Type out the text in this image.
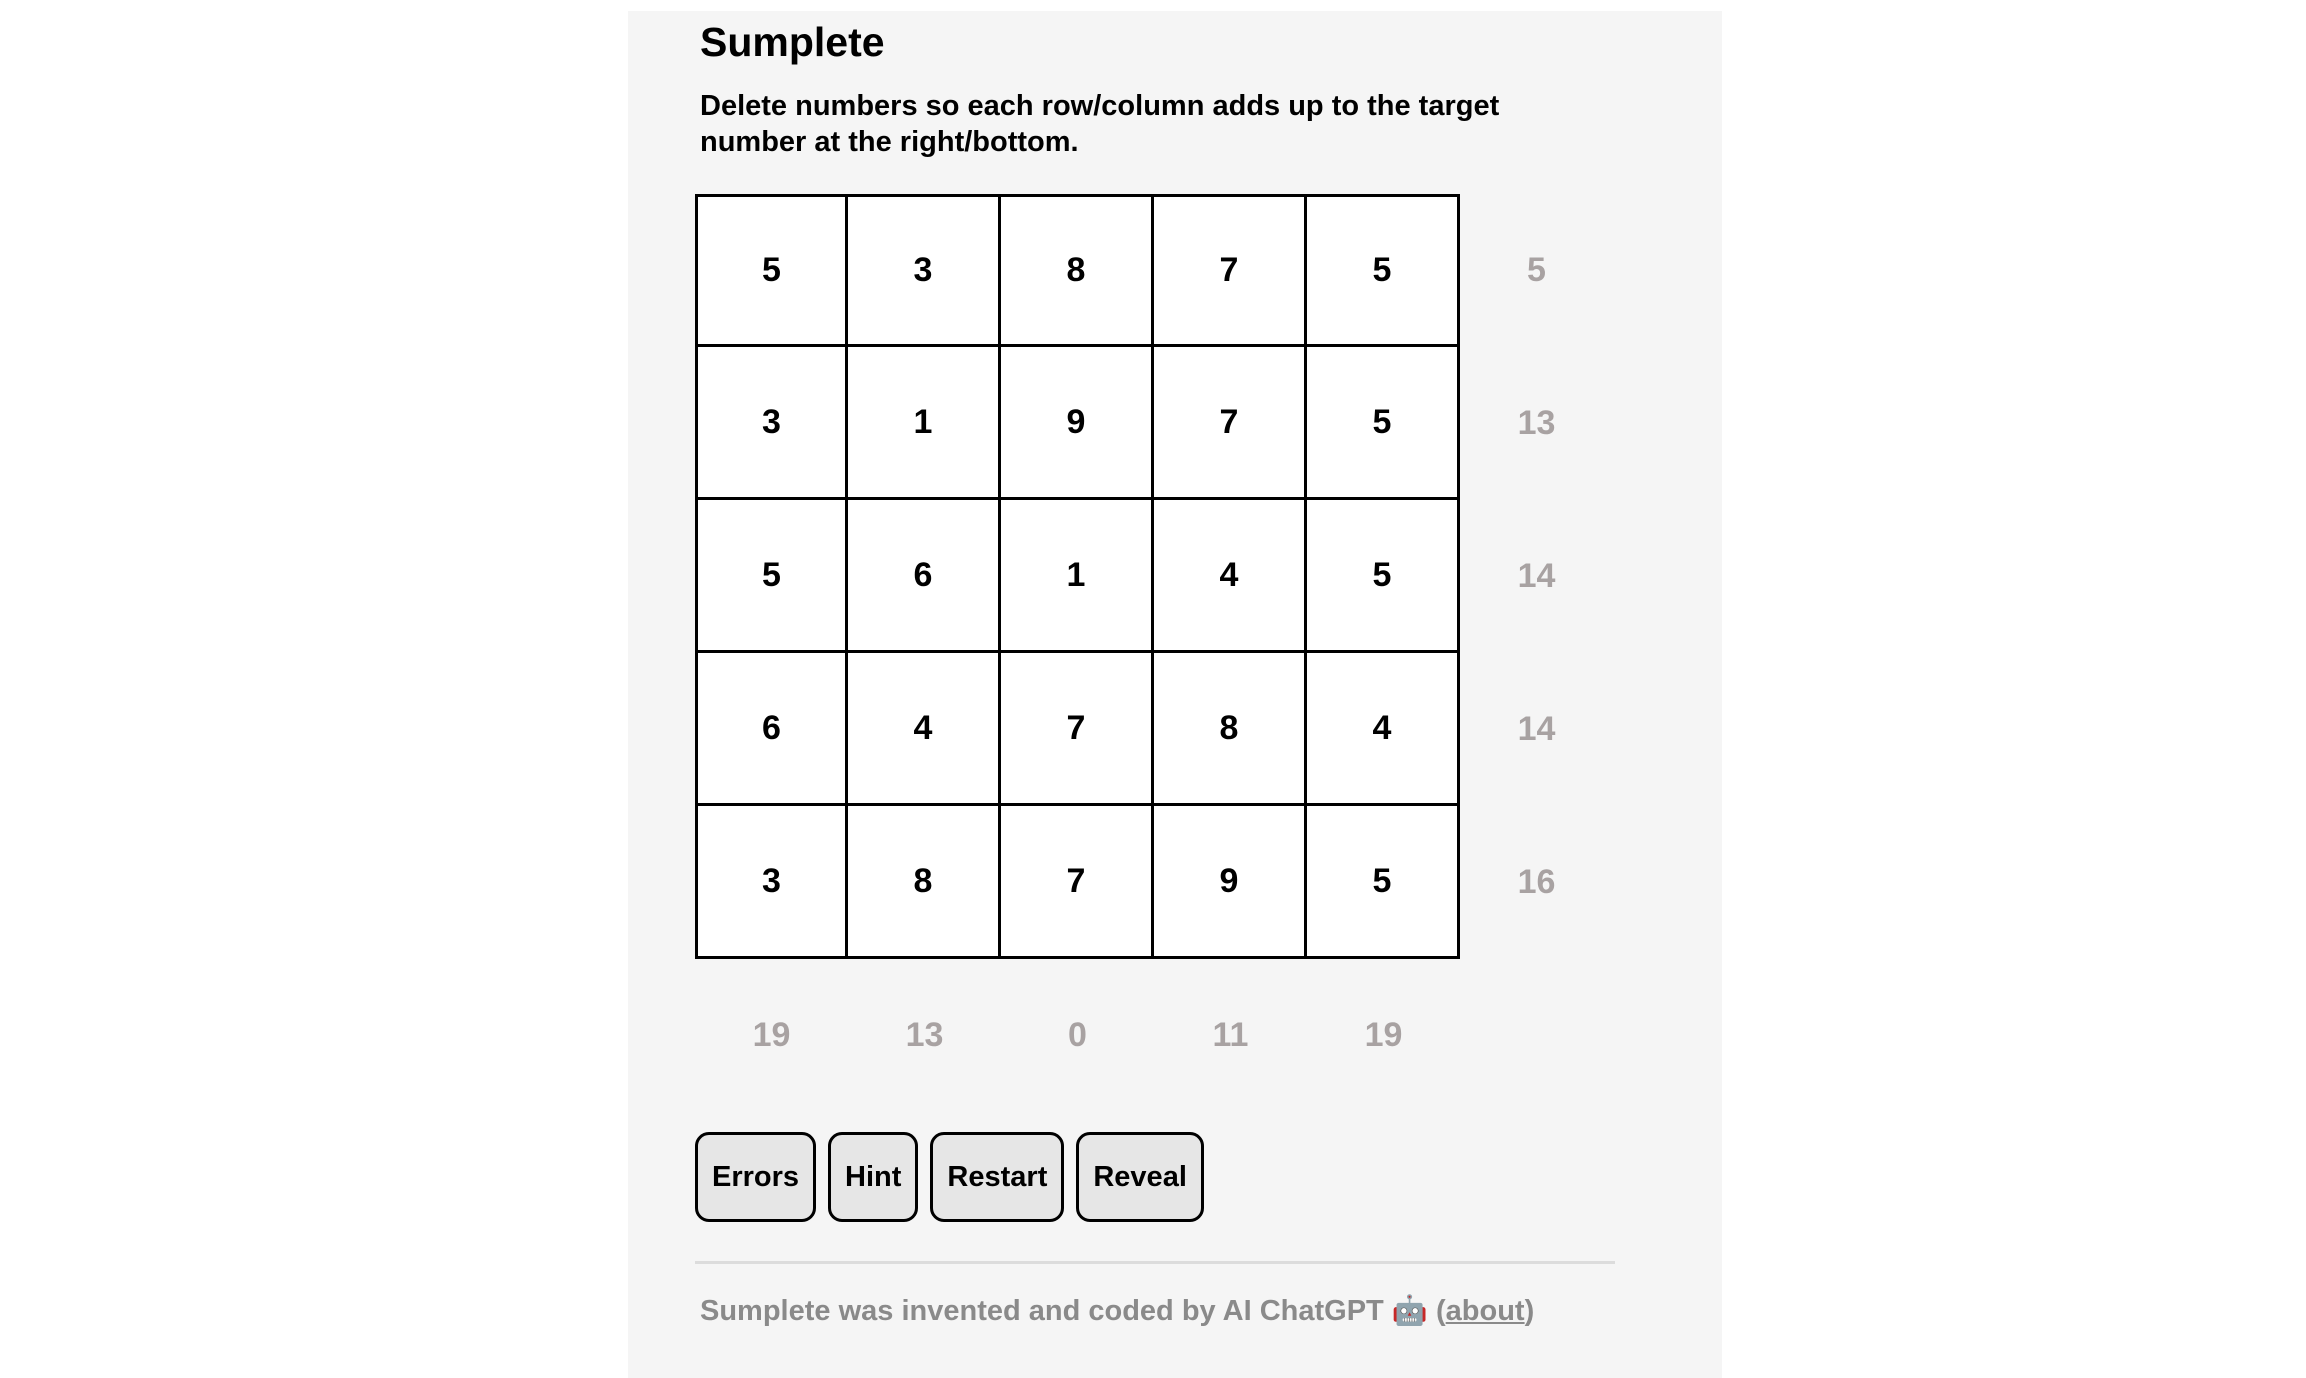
Sumplete

Delete numbers so each row/column adds up to the target number at the right/bottom.

5	3	8	7	5	5
3	1	9	7	5	13
5	6	1	4	5	14
6	4	7	8	4	14
3	8	7	9	5	16
19	13	0	11	19
Errors	Hint	Restart	Reveal

Sumplete was invented and coded by AI ChatGPT 🤖 (about)
